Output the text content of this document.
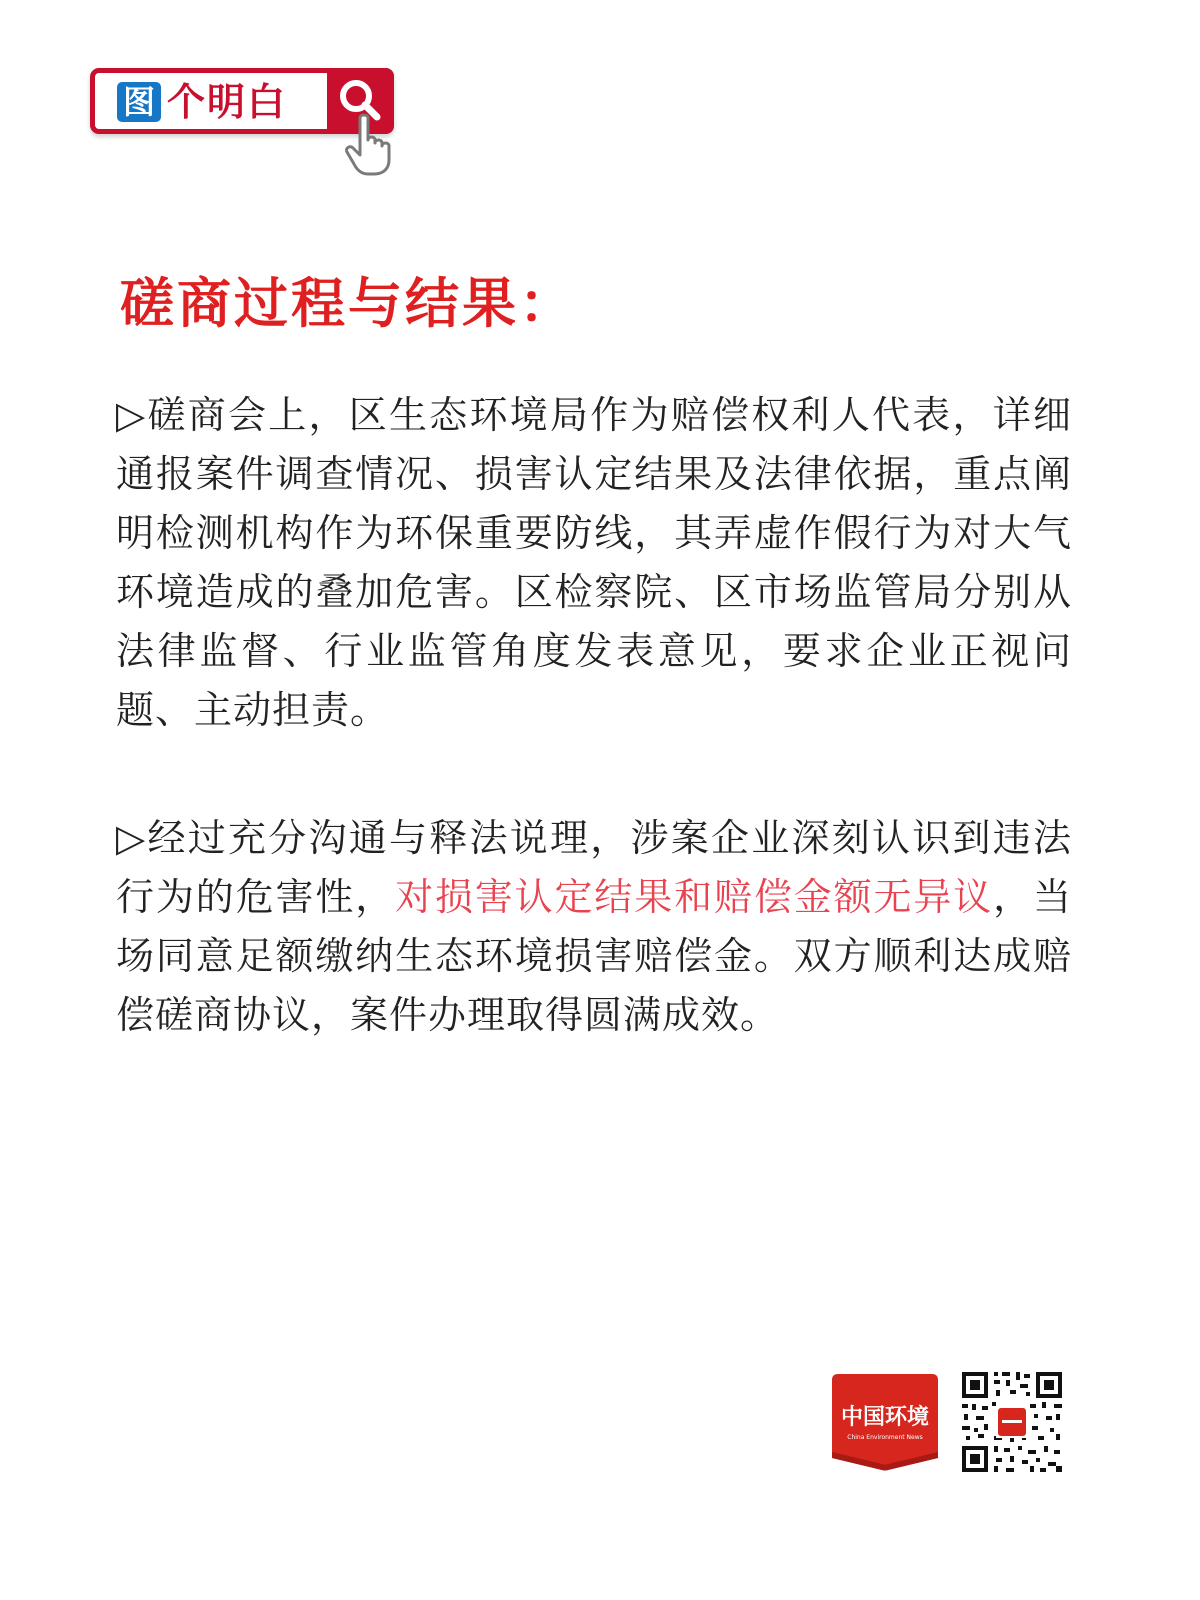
图 个明白
磋商过程与结果：

▷磋商会上，区生态环境局作为赔偿权利人代表，详细通报案件调查情况、损害认定结果及法律依据，重点阐明检测机构作为环保重要防线，其弄虚作假行为对大气环境造成的叠加危害。区检察院、区市场监管局分别从法律监督、行业监管角度发表意见，要求企业正视问题、主动担责。

▷经过充分沟通与释法说理，涉案企业深刻认识到违法行为的危害性，对损害认定结果和赔偿金额无异议，当场同意足额缴纳生态环境损害赔偿金。双方顺利达成赔偿磋商协议，案件办理取得圆满成效。

中国环境
China Environment News
